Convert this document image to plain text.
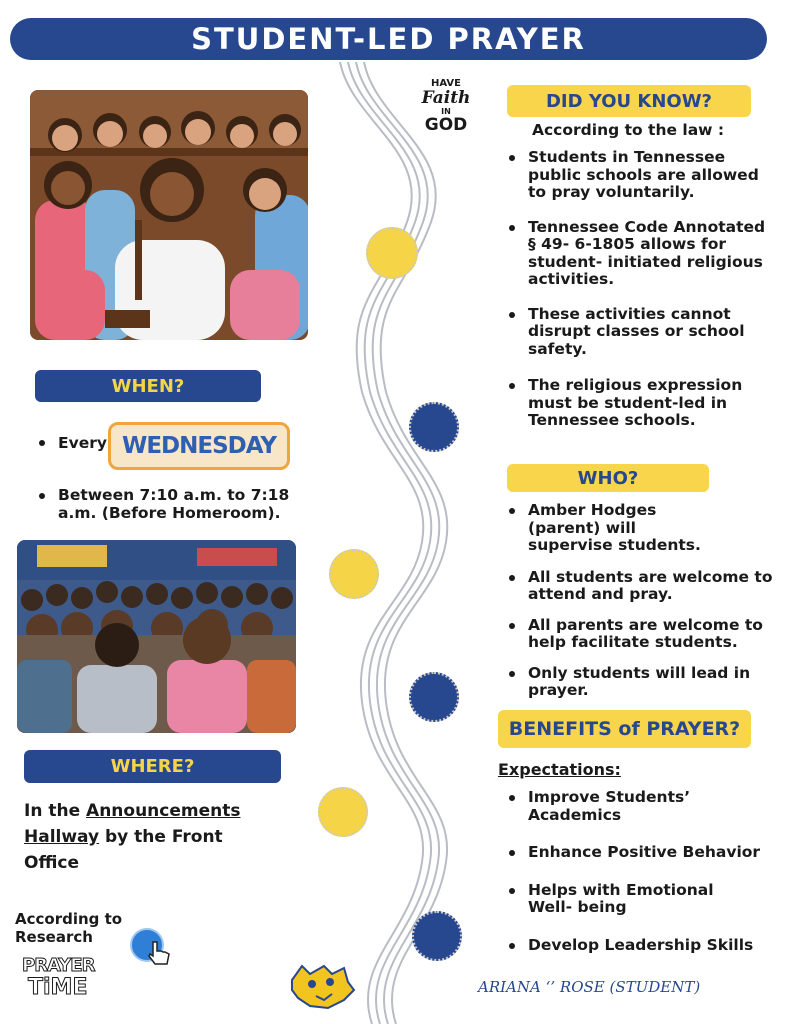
STUDENT-LED PRAYER
WHEN?
Every WEDNESDAY
Between 7:10 a.m. to 7:18 a.m. (Before Homeroom).
WHERE?
In the Announcements Hallway by the Front Office
According to Research
PRAYER
TiME
HAVE
Faith
IN
GOD
DID YOU KNOW?
According to the law :
Students in Tennessee public schools are allowed to pray voluntarily.
Tennessee Code Annotated § 49- 6-1805 allows for student- initiated religious activities.
These activities cannot disrupt classes or school safety.
The religious expression must be student-led in Tennessee schools.
WHO?
Amber Hodges (parent) will supervise students.
All students are welcome to attend and pray.
All parents are welcome to help facilitate students.
Only students will lead in prayer.
BENEFITS of PRAYER?
Expectations:
Improve Students’ Academics
Enhance Positive Behavior
Helps with Emotional Well- being
Develop Leadership Skills
ARIANA ‘’ ROSE (STUDENT)
